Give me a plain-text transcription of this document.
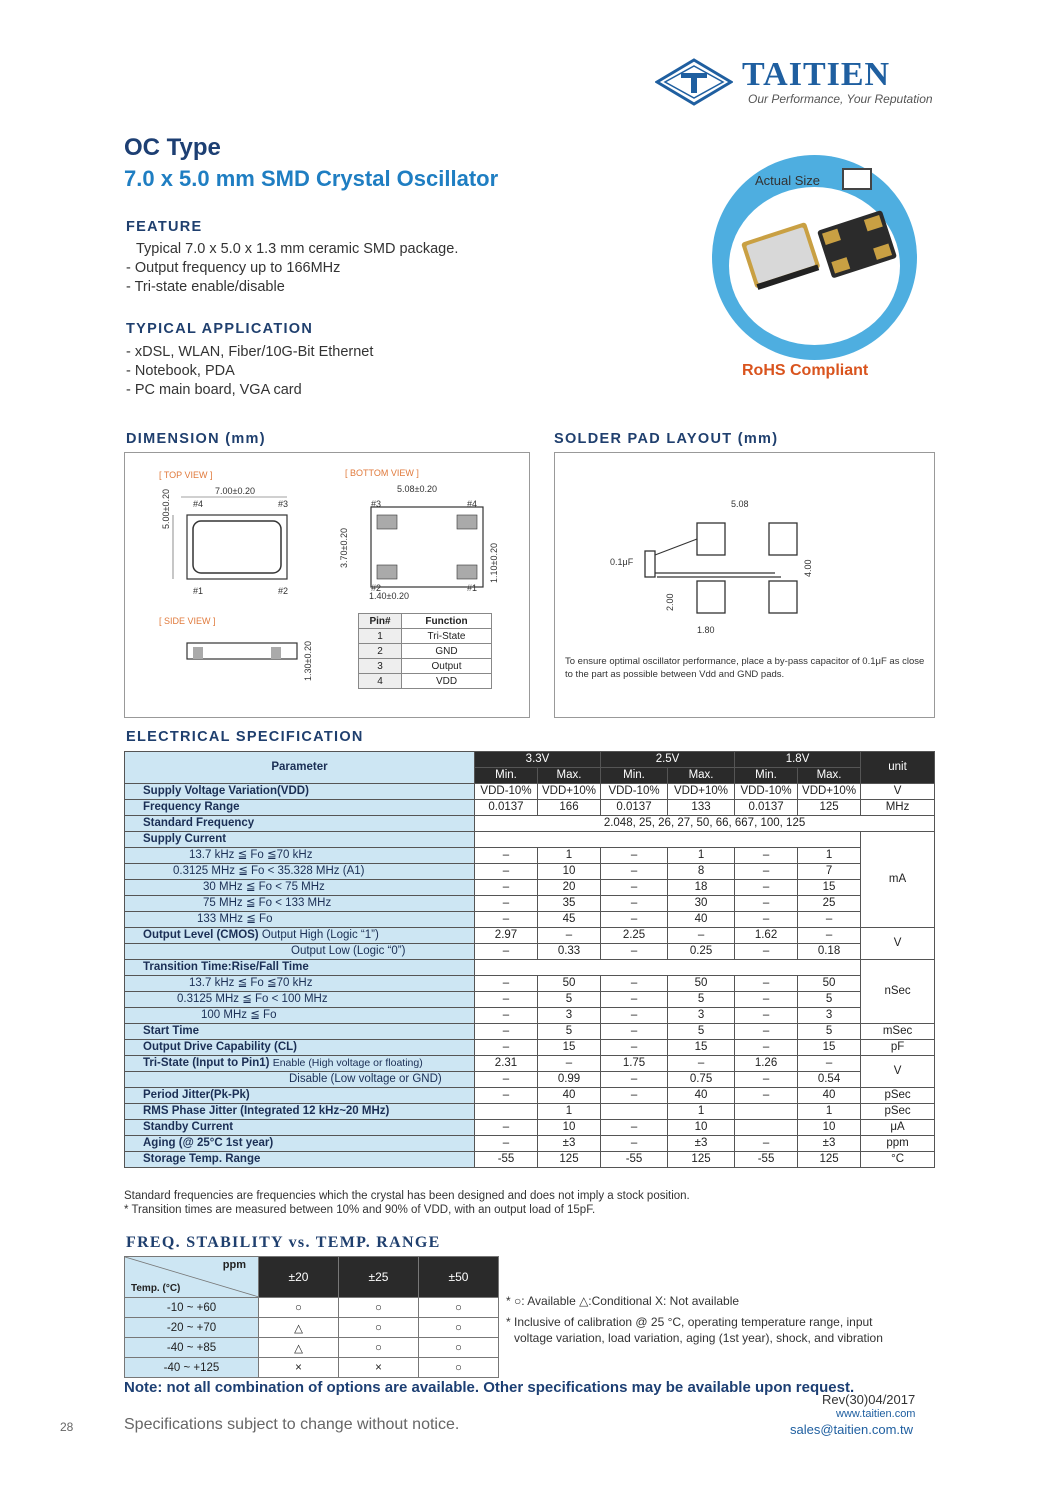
TAITIEN
Our Performance, Your Reputation
OC Type
7.0 x 5.0 mm SMD Crystal Oscillator
FEATURE
Typical 7.0 x 5.0 x 1.3 mm ceramic SMD package.
- Output frequency up to 166MHz
- Tri-state enable/disable
TYPICAL APPLICATION
- xDSL, WLAN, Fiber/10G-Bit Ethernet
- Notebook, PDA
- PC main board, VGA card
Actual Size
RoHS Compliant
DIMENSION (mm)
[ TOP VIEW ]	[ BOTTOM VIEW ]
[ SIDE VIEW ]
7.00±0.20
5.00±0.20 #4	#3
#1	#2
5.08±0.20
3.70±0.20
1.40±0.20
1.10±0.20
#3	#4
#2	#1
1.30±0.20
Pin#	Function
1	Tri-State
2	GND
3	Output
4	VDD
SOLDER PAD LAYOUT (mm)
5.08
4.00
2.00
1.80
0.1μF
To ensure optimal oscillator performance, place a by-pass capacitor of 0.1μF as close to the part as possible between Vdd and GND pads.
ELECTRICAL SPECIFICATION
Parameter	3.3V		2.5V		1.8V		unit
	Min.	Max.	Min.	Max.	Min.	Max.	
Supply Voltage Variation(VDD)	VDD-10%	VDD+10%	VDD-10%	VDD+10%	VDD-10%	VDD+10%	V
Frequency Range	0.0137	166	0.0137	133	0.0137	125	MHz
Standard Frequency	2.048, 25, 26, 27, 50, 66, 667, 100, 125						
Supply Current							mA
13.7 kHz ≦ Fo ≦70 kHz	–	1	–	1	–	1	
0.3125 MHz ≦ Fo < 35.328 MHz (A1)	–	10	–	8	–	7	
30 MHz ≦ Fo < 75 MHz	–	20	–	18	–	15	
75 MHz ≦ Fo < 133 MHz	–	35	–	30	–	25	
133 MHz ≦ Fo	–	45	–	40	–	–	
Output Level (CMOS) Output High (Logic “1”)	2.97	–	2.25	–	1.62	–	V
Output Low (Logic “0”)	–	0.33	–	0.25	–	0.18	
Transition Time:Rise/Fall Time							nSec
13.7 kHz ≦ Fo ≦70 kHz	–	50	–	50	–	50	
0.3125 MHz ≦ Fo < 100 MHz	–	5	–	5	–	5	
100 MHz ≦ Fo	–	3	–	3	–	3	
Start Time	–	5	–	5	–	5	mSec
Output Drive Capability (CL)	–	15	–	15	–	15	pF
Tri-State (Input to Pin1) Enable (High voltage or floating)	2.31	–	1.75	–	1.26	–	V
Disable (Low voltage or GND)	–	0.99	–	0.75	–	0.54	
Period Jitter(Pk-Pk)	–	40	–	40	–	40	pSec
RMS Phase Jitter (Integrated 12 kHz~20 MHz)		1		1		1	pSec
Standby Current	–	10	–	10		10	μA
Aging (@ 25°C 1st year)	–	±3	–	±3	–	±3	ppm
Storage Temp. Range	-55	125	-55	125	-55	125	°C
Standard frequencies are frequencies which the crystal has been designed and does not imply a stock position.
* Transition times are measured between 10% and 90% of VDD, with an output load of 15pF.
FREQ. STABILITY vs. TEMP. RANGE
ppm
Temp. (°C)	±20	±25	±50
-10 ~ +60	○	○	○
-20 ~ +70	△	○	○
-40 ~ +85	△	○	○
-40 ~ +125	×	×	○
* ○: Available △:Conditional X: Not available
* Inclusive of calibration @ 25 °C, operating temperature range, input
voltage variation, load variation, aging (1st year), shock, and vibration
Note: not all combination of options are available. Other specifications may be available upon request.
Rev(30)04/2017
www.taitien.com
sales@taitien.com.tw
28	Specifications subject to change without notice.
